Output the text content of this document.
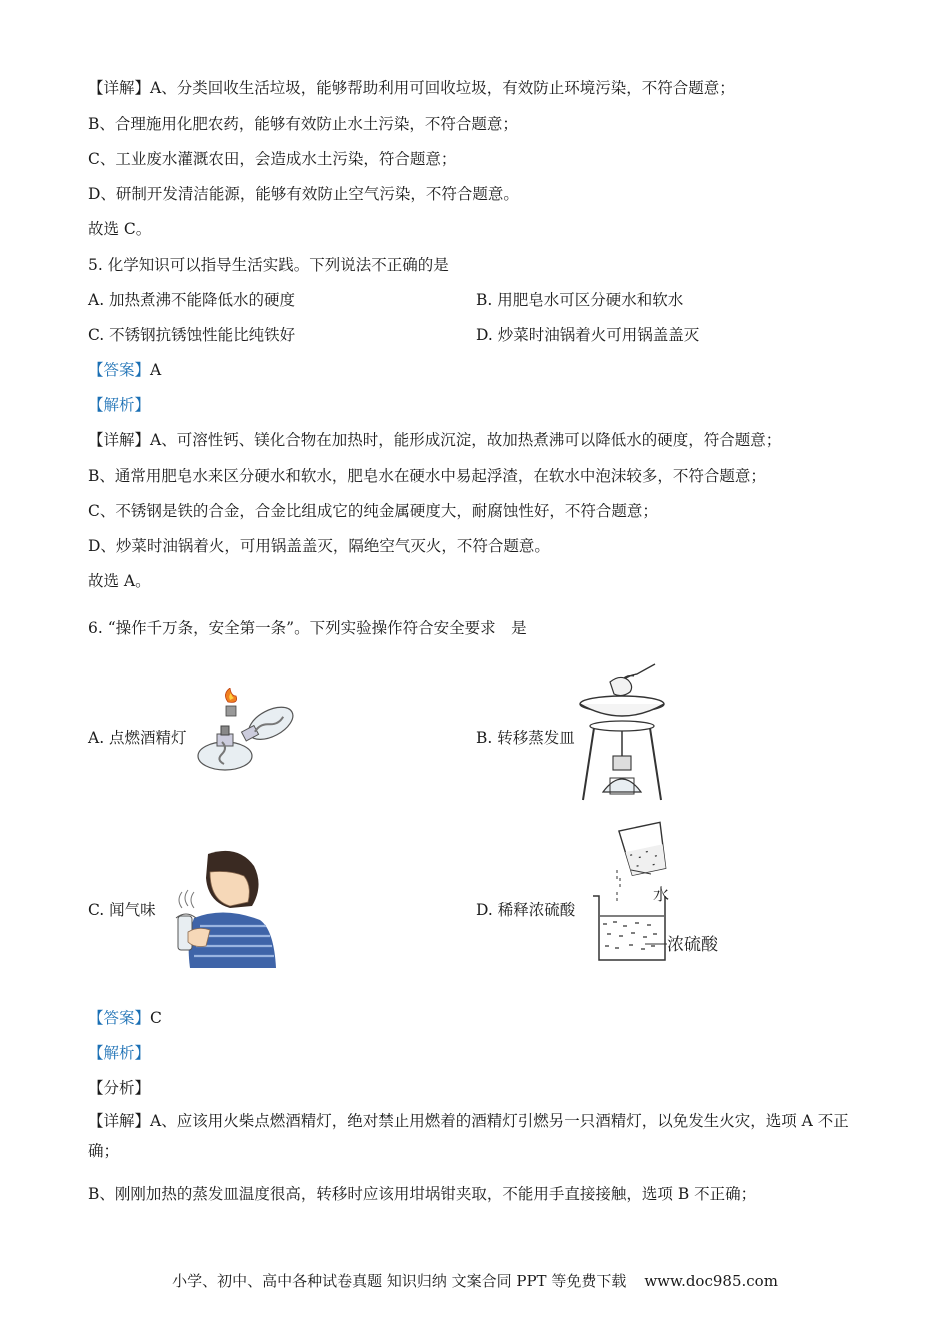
【详解】A、分类回收生活垃圾，能够帮助利用可回收垃圾，有效防止环境污染，不符合题意；
B、合理施用化肥农药，能够有效防止水土污染，不符合题意；
C、工业废水灌溉农田，会造成水土污染，符合题意；
D、研制开发清洁能源，能够有效防止空气污染，不符合题意。
故选 C。
5. 化学知识可以指导生活实践。下列说法不正确的是
A. 加热煮沸不能降低水的硬度	B. 用肥皂水可区分硬水和软水
C. 不锈钢抗锈蚀性能比纯铁好	D. 炒菜时油锅着火可用锅盖盖灭
【答案】A
【解析】
【详解】A、可溶性钙、镁化合物在加热时，能形成沉淀，故加热煮沸可以降低水的硬度，符合题意；
B、通常用肥皂水来区分硬水和软水，肥皂水在硬水中易起浮渣，在软水中泡沫较多，不符合题意；
C、不锈钢是铁的合金，合金比组成它的纯金属硬度大，耐腐蚀性好，不符合题意；
D、炒菜时油锅着火，可用锅盖盖灭，隔绝空气灭火，不符合题意。
故选 A。
6. “操作千万条，安全第一条”。下列实验操作符合安全要求　是
A. 点燃酒精灯	B. 转移蒸发皿
C. 闻气味	D. 稀释浓硫酸
水
浓硫酸
【答案】C
【解析】
【分析】
【详解】A、应该用火柴点燃酒精灯，绝对禁止用燃着的酒精灯引燃另一只酒精灯，以免发生火灾，选项 A 不正确；
B、刚刚加热的蒸发皿温度很高，转移时应该用坩埚钳夹取，不能用手直接接触，选项 B 不正确；
小学、初中、高中各种试卷真题 知识归纳 文案合同 PPT 等免费下载 www.doc985.com
